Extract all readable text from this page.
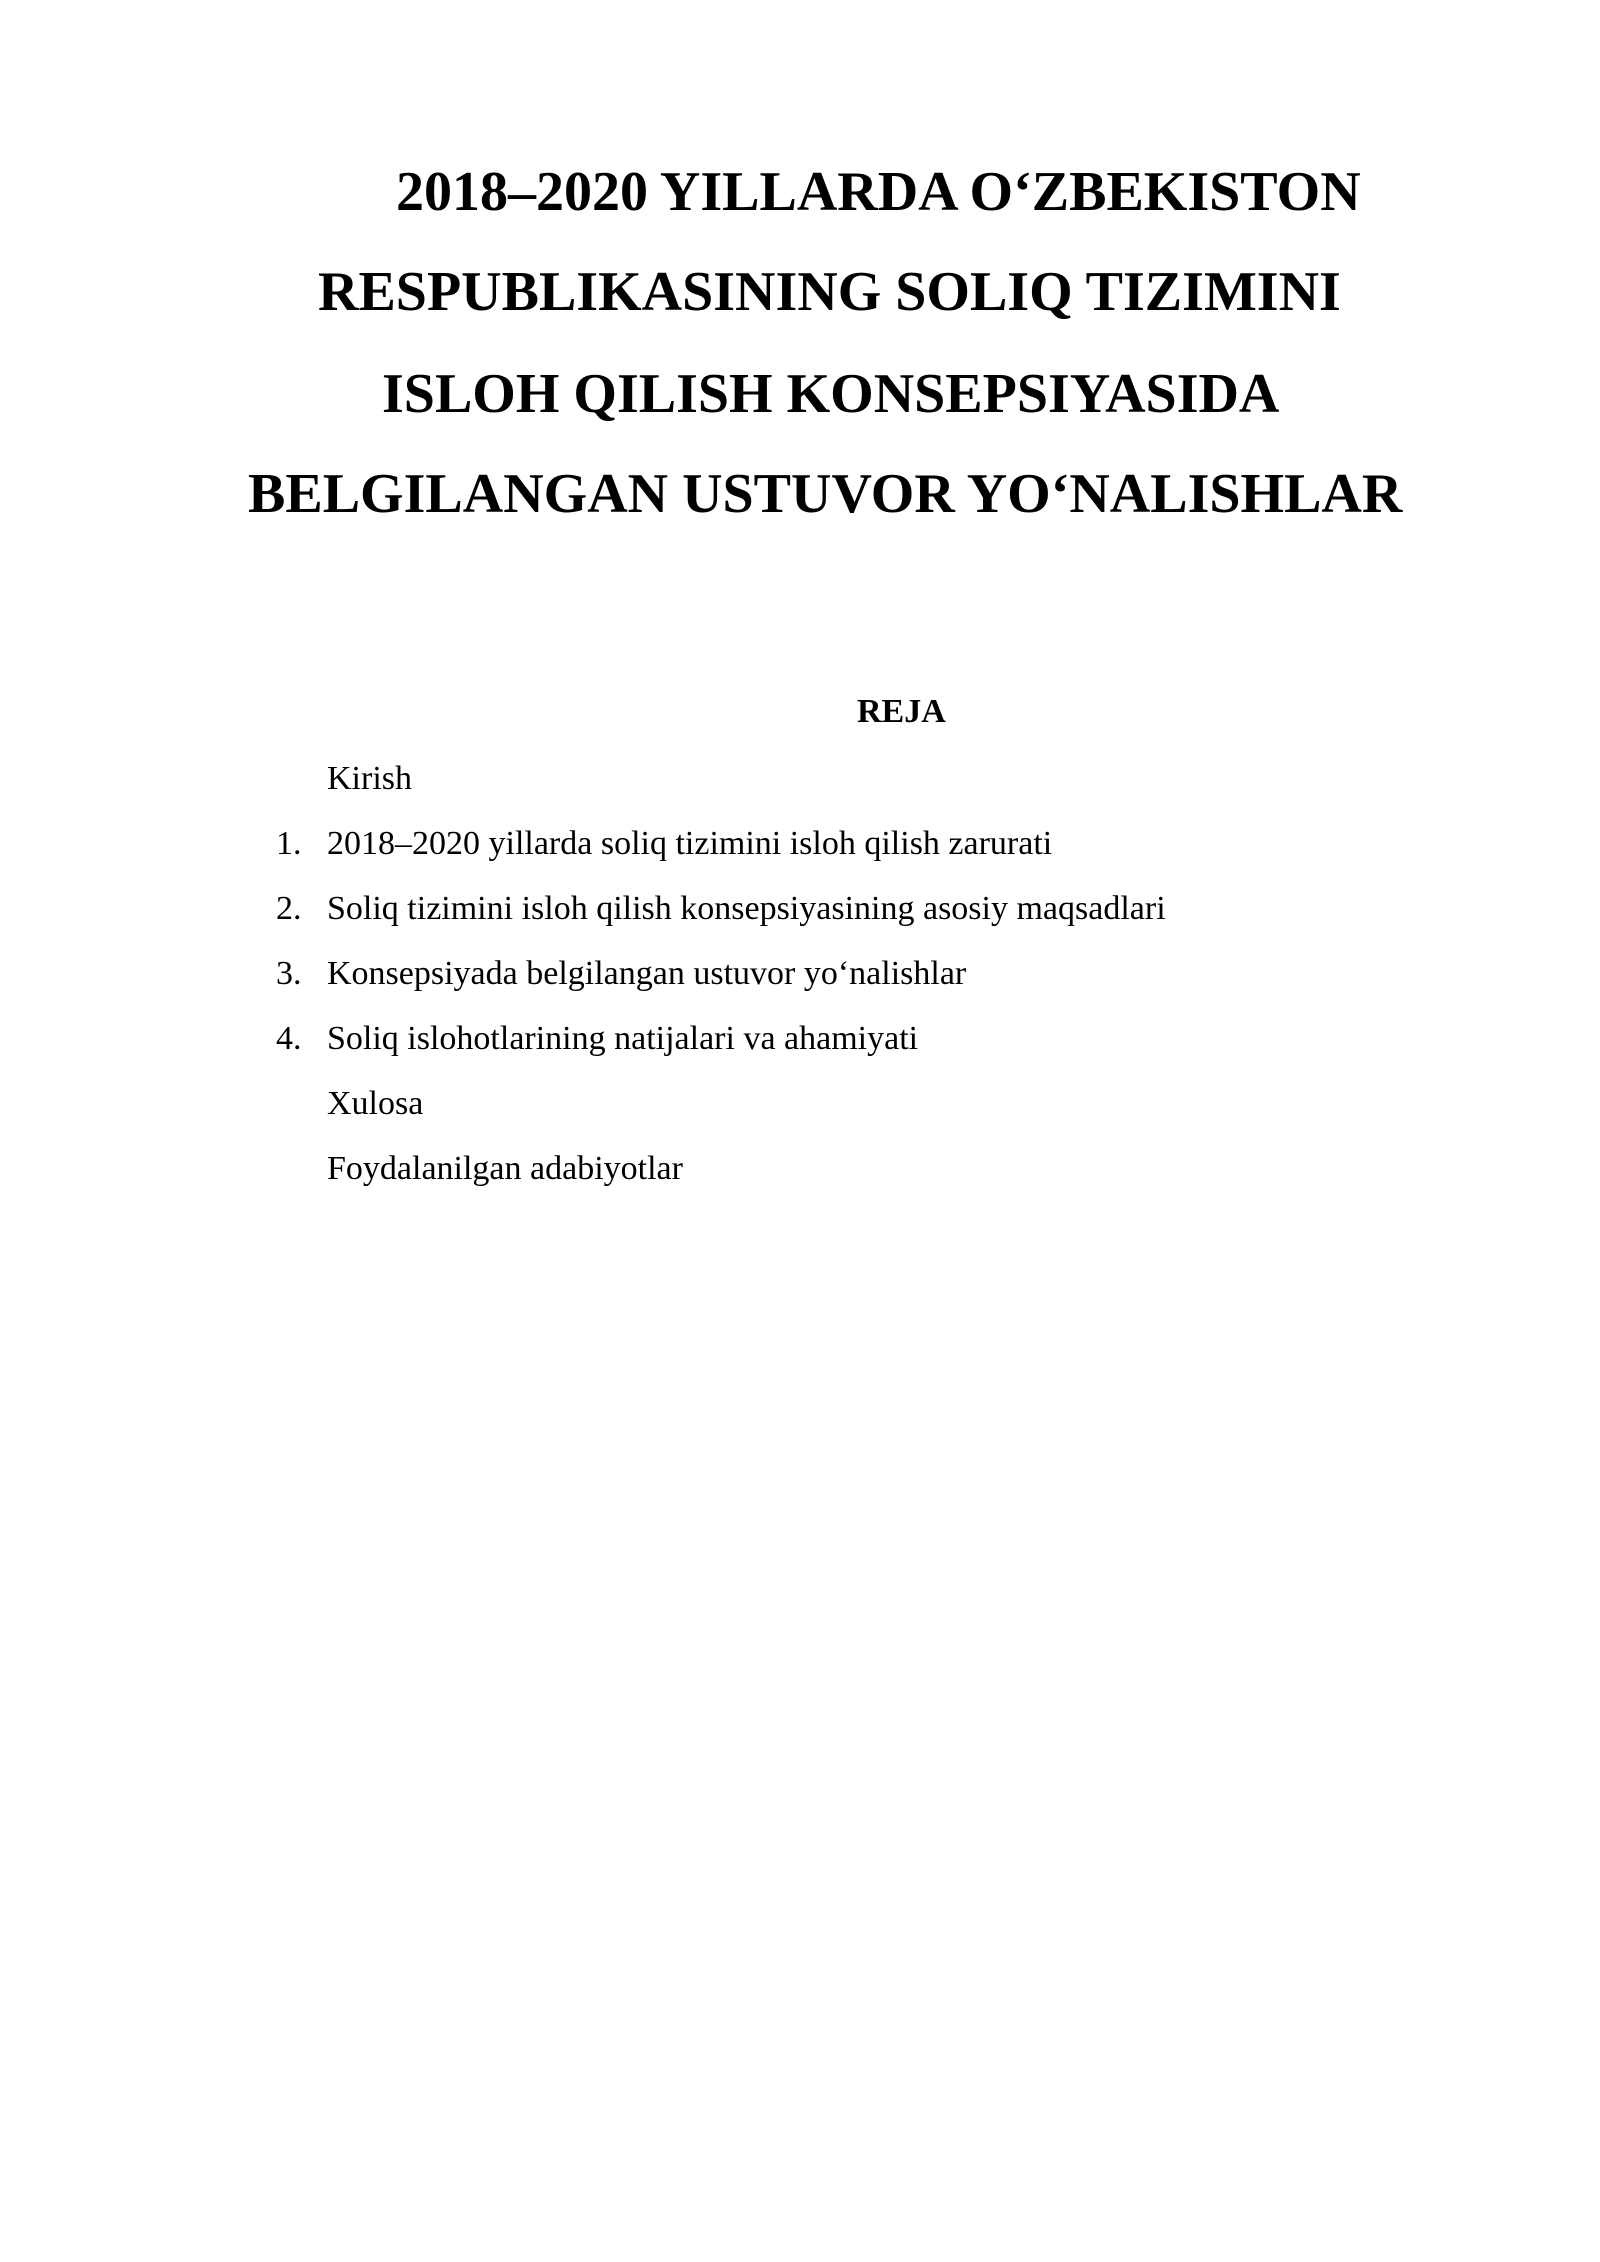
2018–2020 YILLARDA O‘ZBEKISTON
RESPUBLIKASINING SOLIQ TIZIMINI
ISLOH QILISH KONSEPSIYASIDA
BELGILANGAN USTUVOR YO‘NALISHLAR
REJA
Kirish
1. 2018–2020 yillarda soliq tizimini isloh qilish zarurati
2. Soliq tizimini isloh qilish konsepsiyasining asosiy maqsadlari
3. Konsepsiyada belgilangan ustuvor yo‘nalishlar
4. Soliq islohotlarining natijalari va ahamiyati
Xulosa
Foydalanilgan adabiyotlar
